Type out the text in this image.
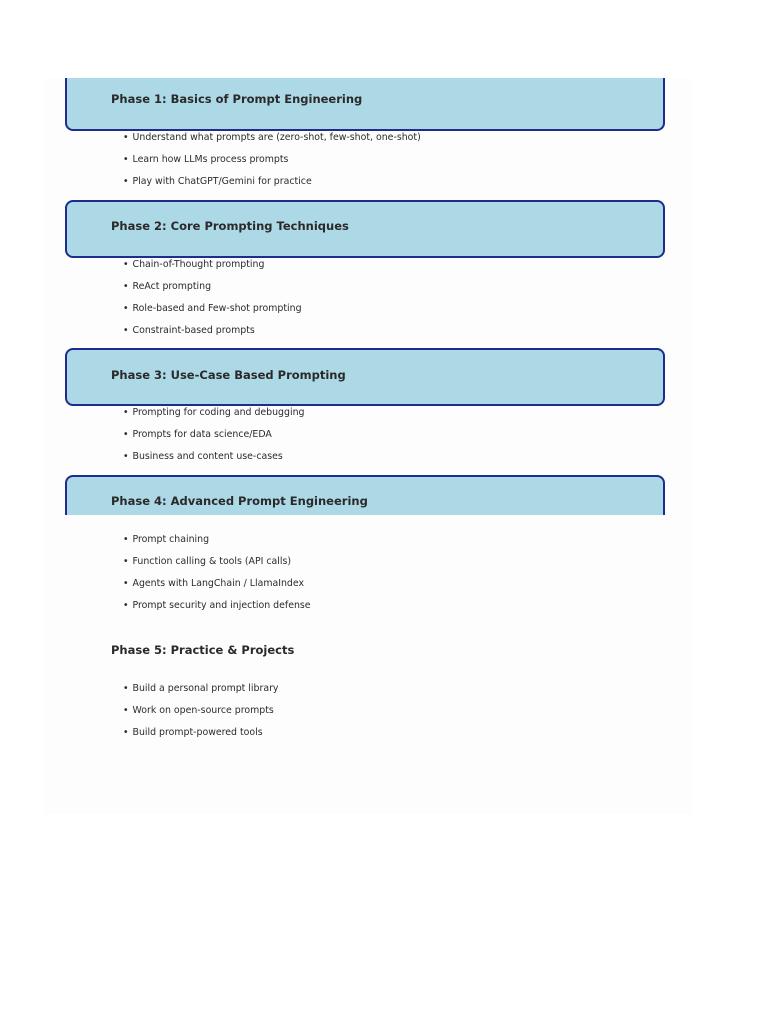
Phase 1: Basics of Prompt Engineering
• Understand what prompts are (zero-shot, few-shot, one-shot)
• Learn how LLMs process prompts
• Play with ChatGPT/Gemini for practice
Phase 2: Core Prompting Techniques
• Chain-of-Thought prompting
• ReAct prompting
• Role-based and Few-shot prompting
• Constraint-based prompts
Phase 3: Use-Case Based Prompting
• Prompting for coding and debugging
• Prompts for data science/EDA
• Business and content use-cases
Phase 4: Advanced Prompt Engineering
• Prompt chaining
• Function calling & tools (API calls)
• Agents with LangChain / LlamaIndex
• Prompt security and injection defense
Phase 5: Practice & Projects
• Build a personal prompt library
• Work on open-source prompts
• Build prompt-powered tools
